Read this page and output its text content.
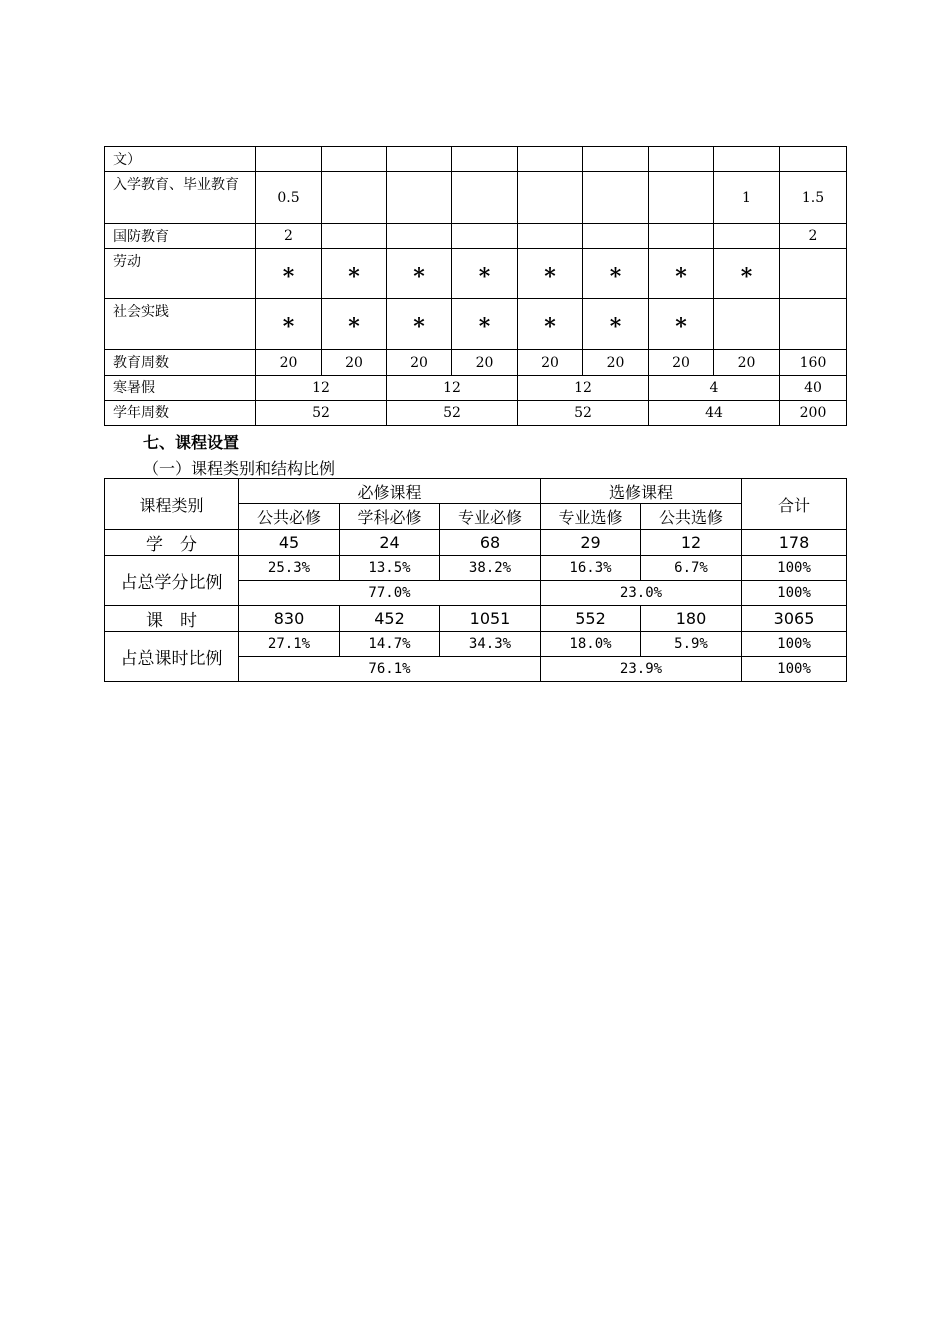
文）									
入学教育、毕业教育	0.5							1	1.5
国防教育	2								2
劳动	*	*	*	*	*	*	*	*	
社会实践	*	*	*	*	*	*	*		
教育周数	20	20	20	20	20	20	20	20	160
寒暑假	12		12		12		4		40
学年周数	52		52		52		44		200

七、课程设置

（一）课程类别和结构比例

课程类别	必修课程			选修课程		合计
	公共必修	学科必修	专业必修	专业选修	公共选修	
学　分	45	24	68	29	12	178
占总学分比例	25.3%	13.5%	38.2%	16.3%	6.7%	100%
	77.0%			23.0%		100%
课　时	830	452	1051	552	180	3065
占总课时比例	27.1%	14.7%	34.3%	18.0%	5.9%	100%
	76.1%			23.9%		100%
